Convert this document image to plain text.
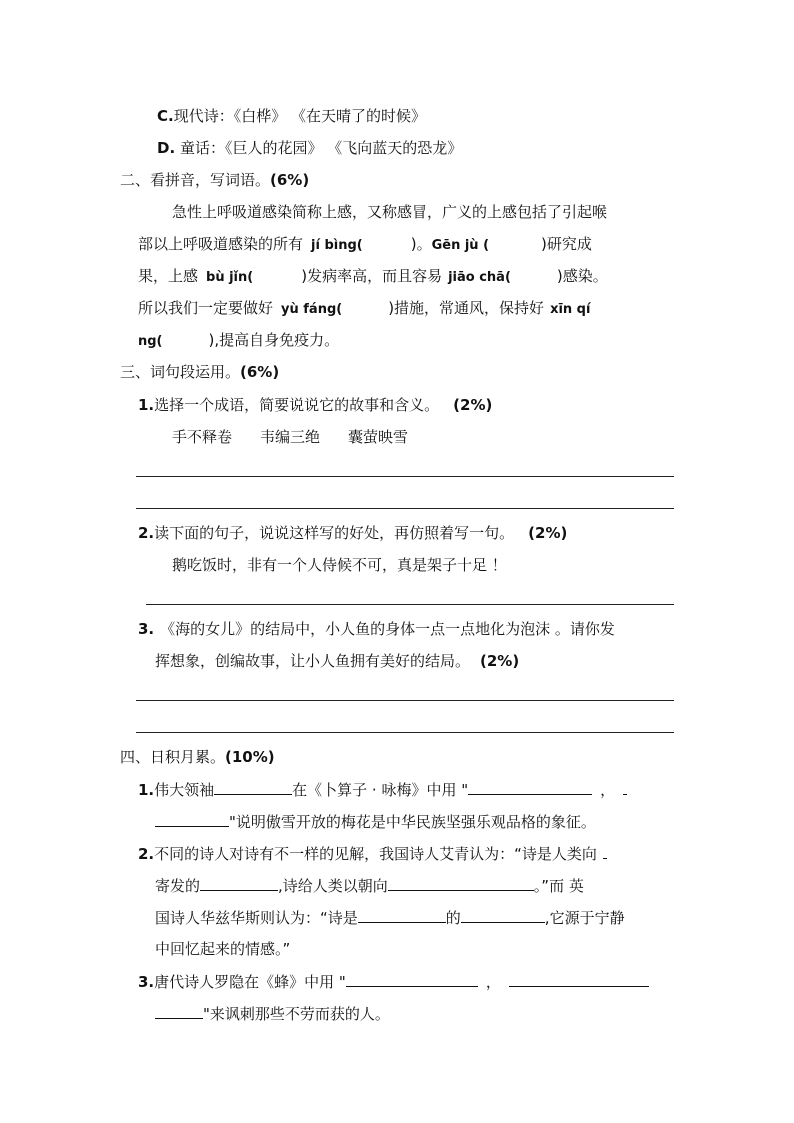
C.现代诗：《白桦》 《在天晴了的时候》
D. 童话：《巨人的花园》 《飞向蓝天的恐龙》
二、看拼音，写词语。(6%)
急性上呼吸道感染简称上感，又称感冒，广义的上感包括了引起喉
部以上呼吸道感染的所有 jí bìng(	)。Gēn jù (	)研究成
果，上感 bù jǐn(	)发病率高，而且容易 jiāo chā(	)感染。
所以我们一定要做好 yù fáng(	)措施，常通风，保持好 xīn qí
ng(	),提高自身免疫力。
三、词句段运用。(6%)
1.选择一个成语，简要说说它的故事和含义。 (2%)
手不释卷 韦编三绝 囊萤映雪
2.读下面的句子，说说这样写的好处，再仿照着写一句。 (2%)
鹅吃饭时，非有一个人侍候不可，真是架子十足 ！
3. 《海的女儿》的结局中，小人鱼的身体一点一点地化为泡沫 。请你发
挥想象，创编故事，让小人鱼拥有美好的结局。 (2%)
四、日积月累。(10%)
1.伟大领袖	在《卜算子 · 咏梅》中用 "	，
"说明傲雪开放的梅花是中华民族坚强乐观品格的象征。
2.不同的诗人对诗有不一样的见解，我国诗人艾青认为：“诗是人类向
寄发的	,诗给人类以朝向	。”而 英
国诗人华兹华斯则认为：“诗是	的	,它源于宁静
中回忆起来的情感。”
3.唐代诗人罗隐在《蜂》中用 "	，
"来讽刺那些不劳而获的人。
